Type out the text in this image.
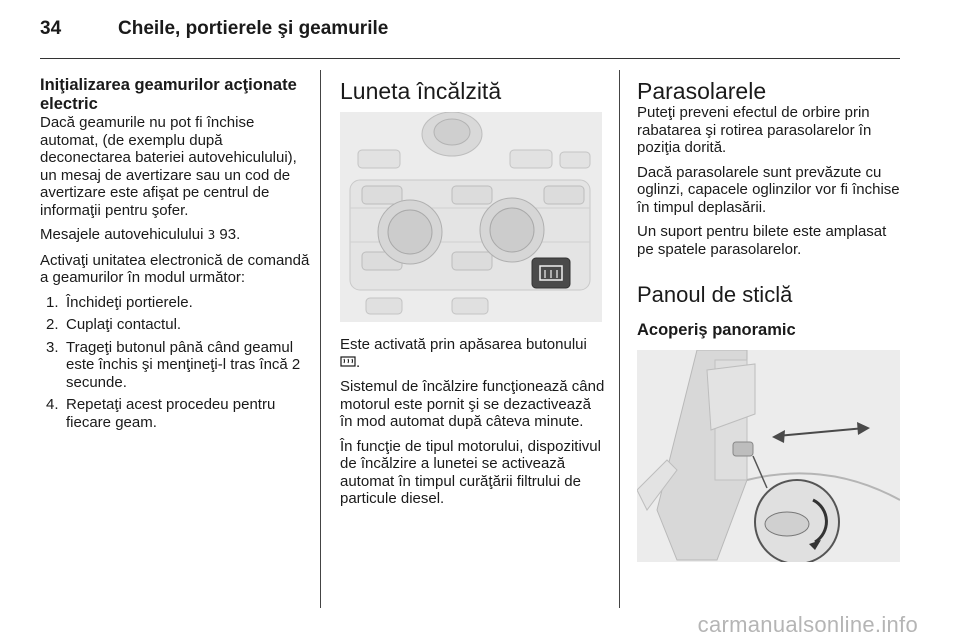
34	Cheile, portierele şi geamurile
Iniţializarea geamurilor acţionate electric

Dacă geamurile nu pot fi închise automat, (de exemplu după deconectarea bateriei autovehiculului), un mesaj de avertizare sau un cod de avertizare este afişat pe centrul de informaţii pentru şofer.

Mesajele autovehiculului 3 93.

Activaţi unitatea electronică de comandă a geamurilor în modul următor:

1. Închideţi portierele.
2. Cuplaţi contactul.
3. Trageţi butonul până când geamul este închis şi menţineţi-l tras încă 2 secunde.
4. Repetaţi acest procedeu pentru fiecare geam.
Luneta încălzită

Este activată prin apăsarea butonului .

Sistemul de încălzire funcţionează când motorul este pornit şi se dezactivează în mod automat după câteva minute.

În funcţie de tipul motorului, dispozitivul de încălzire a lunetei se activează automat în timpul curăţării filtrului de particule diesel.

Parasolarele

Puteţi preveni efectul de orbire prin rabatarea şi rotirea parasolarelor în poziţia dorită.

Dacă parasolarele sunt prevăzute cu oglinzi, capacele oglinzilor vor fi închise în timpul deplasării.

Un suport pentru bilete este amplasat pe spatele parasolarelor.

Panoul de sticlă
Acoperiş panoramic
carmanualsonline.info
